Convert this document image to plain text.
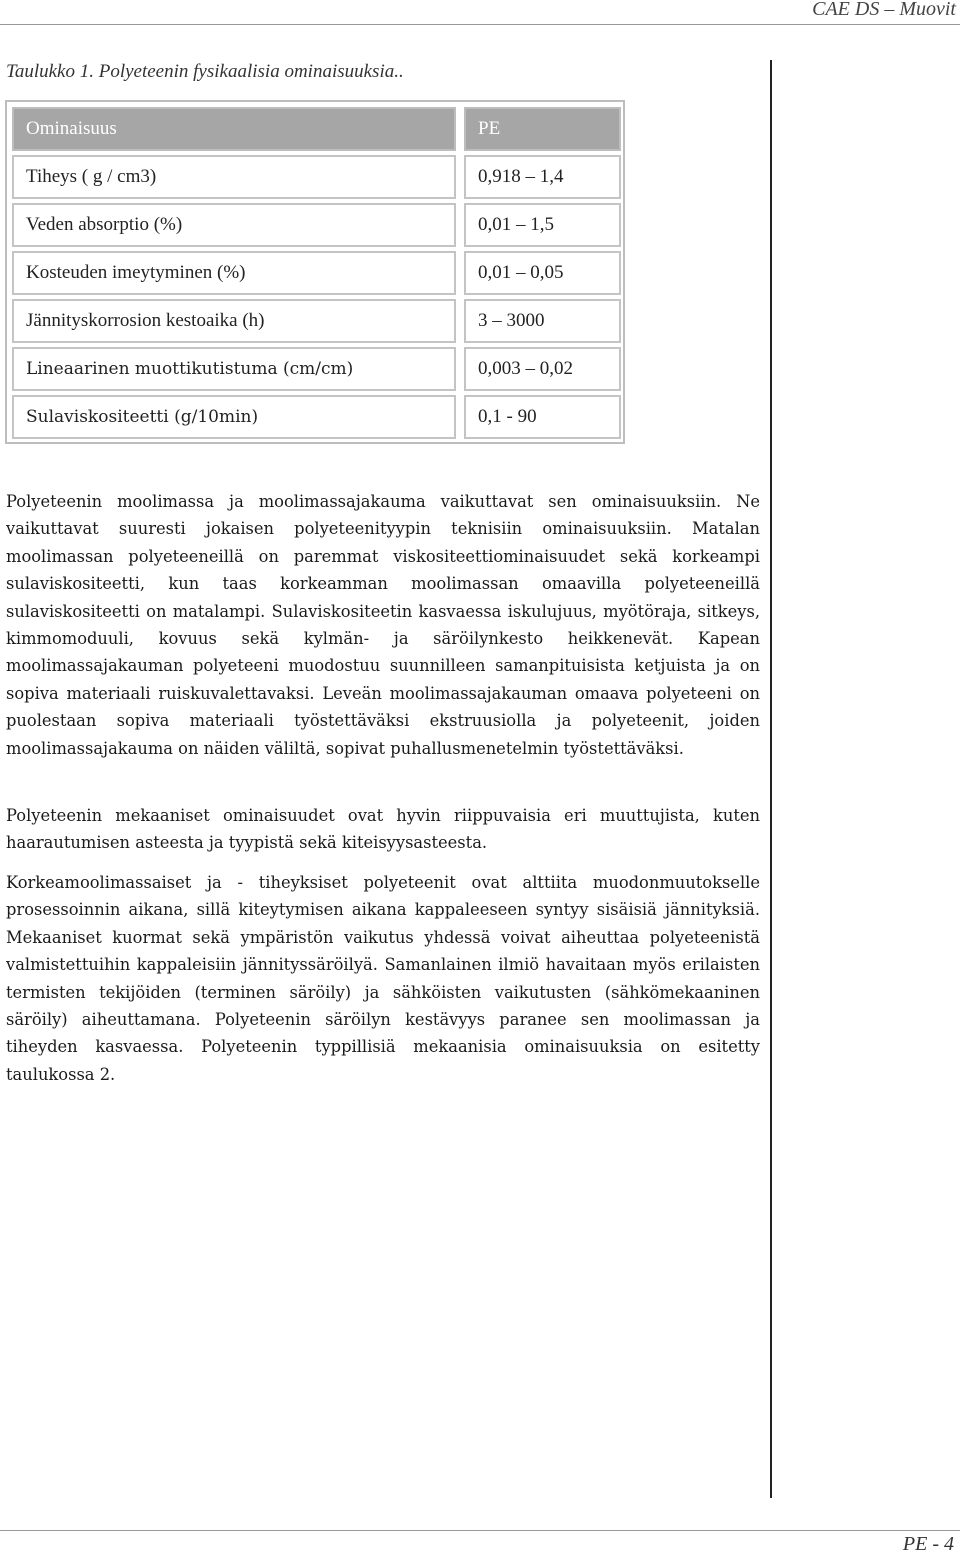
CAE DS – Muovit
Taulukko 1. Polyeteenin fysikaalisia ominaisuuksia..
Ominaisuus	PE
Tiheys ( g / cm3)	0,918 – 1,4
Veden absorptio (%)	0,01 – 1,5
Kosteuden imeytyminen (%)	0,01 – 0,05
Jännityskorrosion kestoaika (h)	3 – 3000
Lineaarinen muottikutistuma (cm/cm)	0,003 – 0,02
Sulaviskositeetti (g/10min)	0,1 - 90

Polyeteenin moolimassa ja moolimassajakauma vaikuttavat sen ominaisuuksiin. Ne vaikuttavat suuresti jokaisen polyeteenityypin teknisiin ominaisuuksiin. Matalan moolimassan polyeteeneillä on paremmat viskositeettiominaisuudet sekä korkeampi sulaviskositeetti, kun taas korkeamman moolimassan omaavilla polyeteeneillä sulaviskositeetti on matalampi. Sulaviskositeetin kasvaessa iskulujuus, myötöraja, sitkeys, kimmomoduuli, kovuus sekä kylmän- ja säröilynkesto heikkenevät. Kapean moolimassajakauman polyeteeni muodostuu suunnilleen samanpituisista ketjuista ja on sopiva materiaali ruiskuvalettavaksi. Leveän moolimassajakauman omaava polyeteeni on puolestaan sopiva materiaali työstettäväksi ekstruusiolla ja polyeteenit, joiden moolimassajakauma on näiden väliltä, sopivat puhallusmenetelmin työstettäväksi.

Polyeteenin mekaaniset ominaisuudet ovat hyvin riippuvaisia eri muuttujista, kuten haarautumisen asteesta ja tyypistä sekä kiteisyysasteesta.

Korkeamoolimassaiset ja - tiheyksiset polyeteenit ovat alttiita muodonmuutokselle prosessoinnin aikana, sillä kiteytymisen aikana kappaleeseen syntyy sisäisiä jännityksiä. Mekaaniset kuormat sekä ympäristön vaikutus yhdessä voivat aiheuttaa polyeteenistä valmistettuihin kappaleisiin jännityssäröilyä. Samanlainen ilmiö havaitaan myös erilaisten termisten tekijöiden (terminen säröily) ja sähköisten vaikutusten (sähkömekaaninen säröily) aiheuttamana. Polyeteenin säröilyn kestävyys paranee sen moolimassan ja tiheyden kasvaessa. Polyeteenin typpillisiä mekaanisia ominaisuuksia on esitetty taulukossa 2.

PE - 4
